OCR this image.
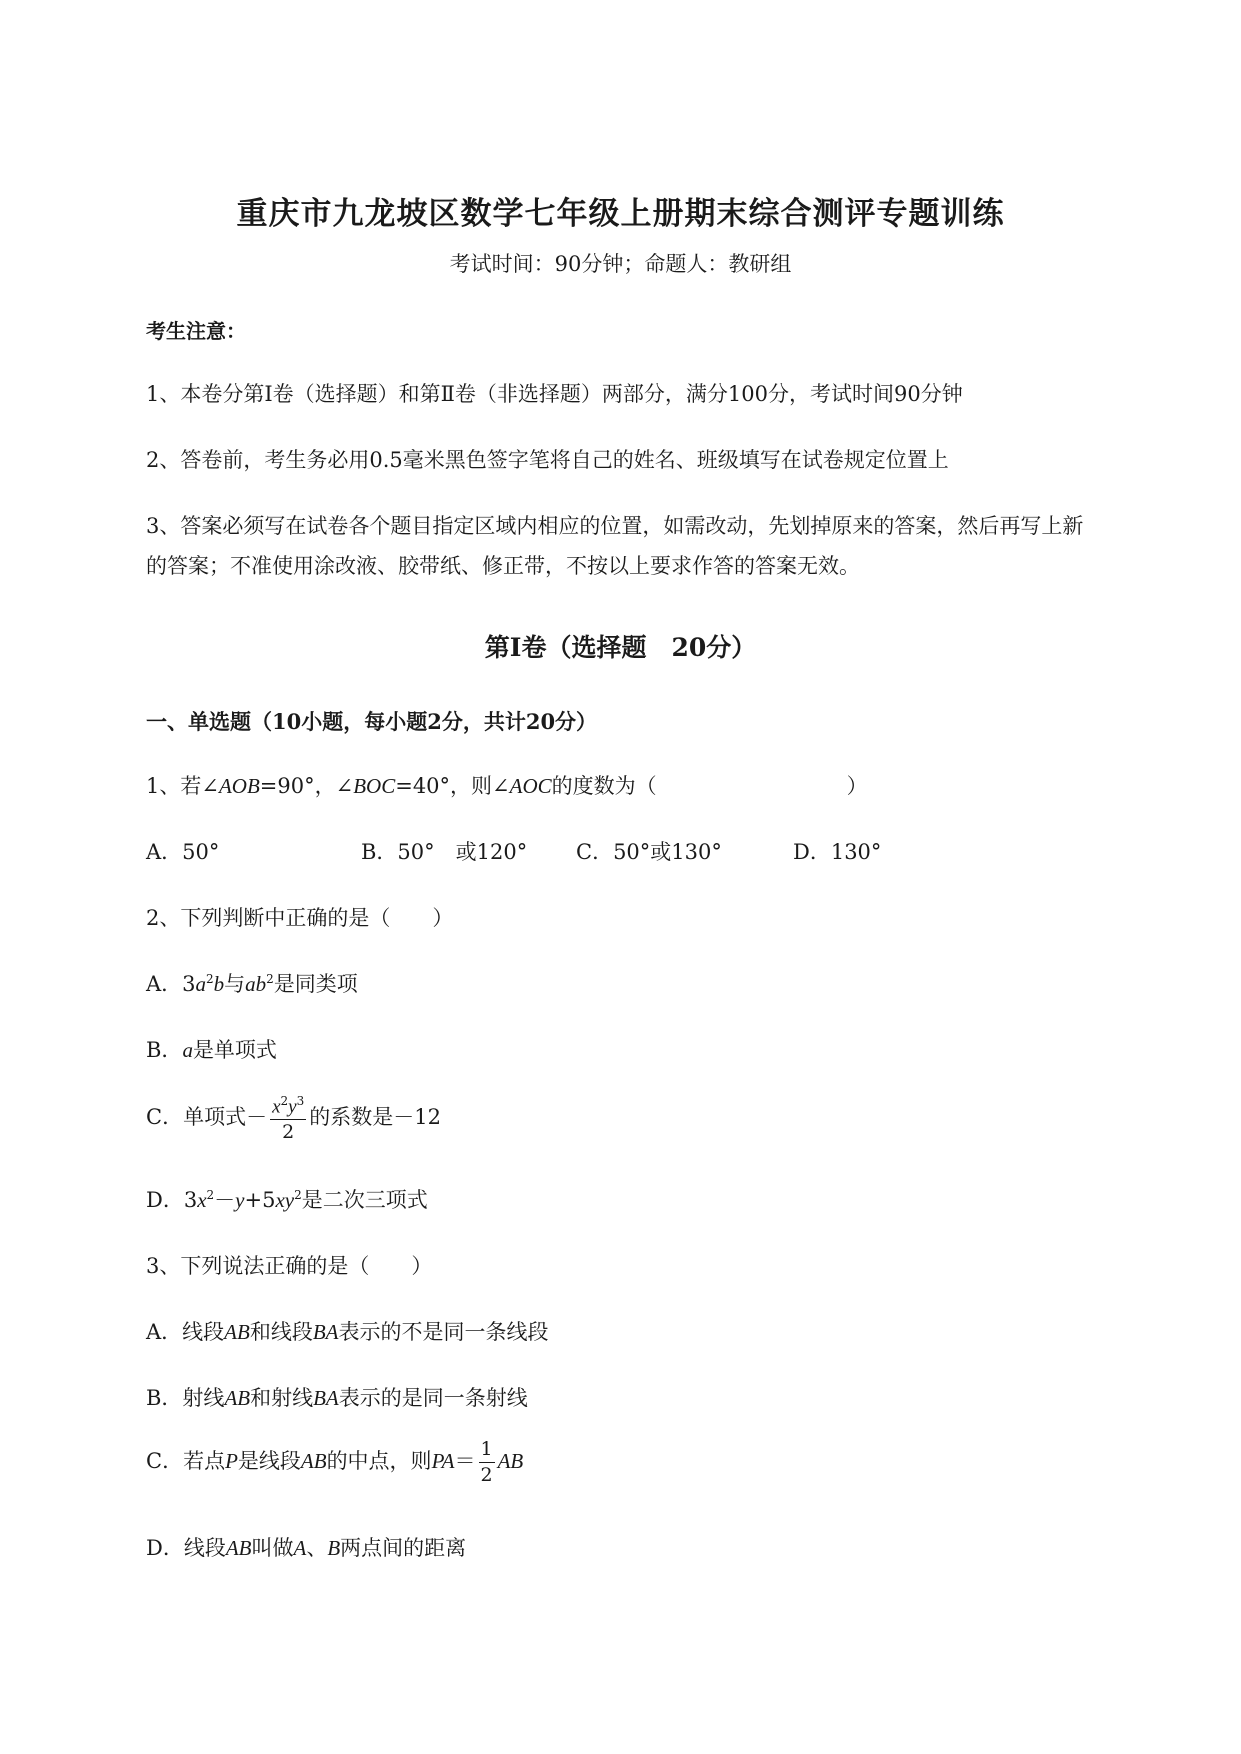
重庆市九龙坡区数学七年级上册期末综合测评专题训练
考试时间：90分钟；命题人：教研组
考生注意：
1、本卷分第I卷（选择题）和第Ⅱ卷（非选择题）两部分，满分100分，考试时间90分钟
2、答卷前，考生务必用0.5毫米黑色签字笔将自己的姓名、班级填写在试卷规定位置上
3、答案必须写在试卷各个题目指定区域内相应的位置，如需改动，先划掉原来的答案，然后再写上新
的答案；不准使用涂改液、胶带纸、修正带，不按以上要求作答的答案无效。
第I卷（选择题　20分）
一、单选题（10小题，每小题2分，共计20分）
1、若∠AOB=90°，∠BOC=40°，则∠AOC的度数为（	）
A．50°	B．50°　或120° C．50°或130°	D．130°
2、下列判断中正确的是（　　）
A．$3a^2b$与$ab^2$是同类项
B．a是单项式
C．单项式－ $\frac{x^2y^3}{2}$ 的系数是－12
D．$3x^2-y+5xy^2$是二次三项式
3、下列说法正确的是（　　）
A．线段AB和线段BA表示的不是同一条线段
B．射线AB和射线BA表示的是同一条射线
C．若点P是线段AB的中点，则$PA= \frac{1}{2}$ AB
D．线段AB叫做A、B两点间的距离
